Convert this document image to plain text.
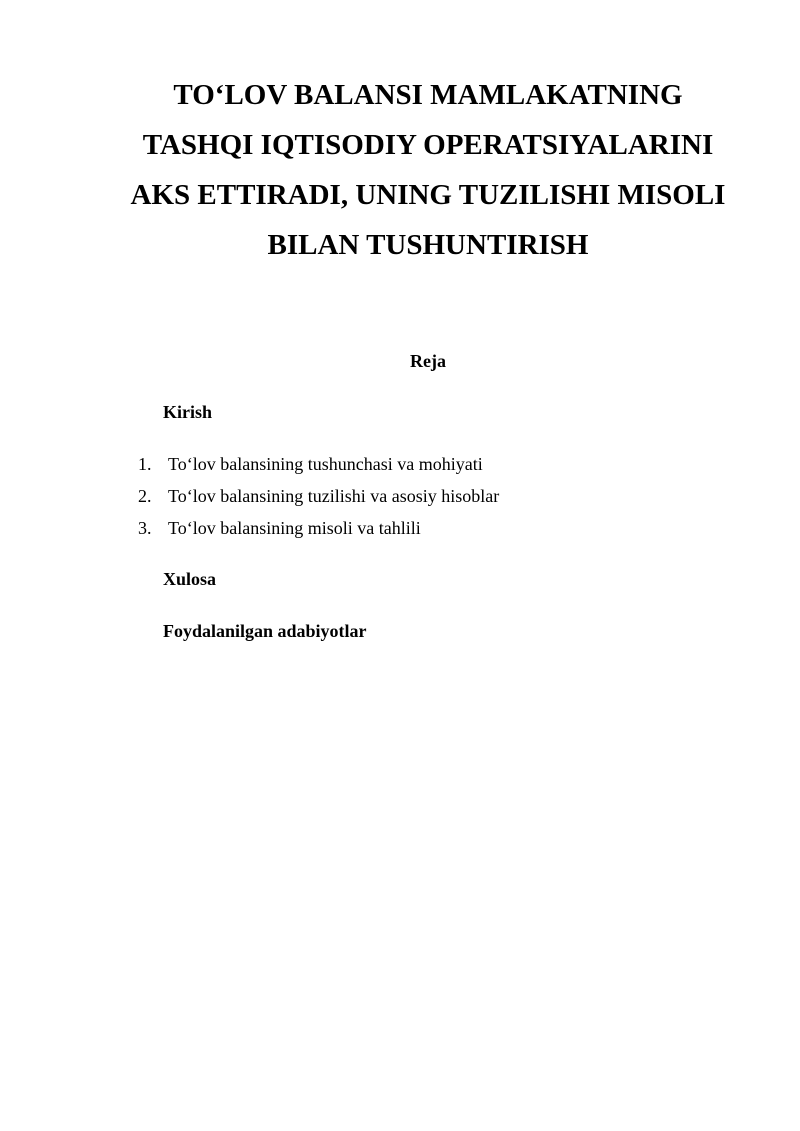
TO‘LOV BALANSI MAMLAKATNING
TASHQI IQTISODIY OPERATSIYALARINI
AKS ETTIRADI, UNING TUZILISHI MISOLI
BILAN TUSHUNTIRISH

Reja

Kirish

1. To‘lov balansining tushunchasi va mohiyati
2. To‘lov balansining tuzilishi va asosiy hisoblar
3. To‘lov balansining misoli va tahlili

Xulosa

Foydalanilgan adabiyotlar
